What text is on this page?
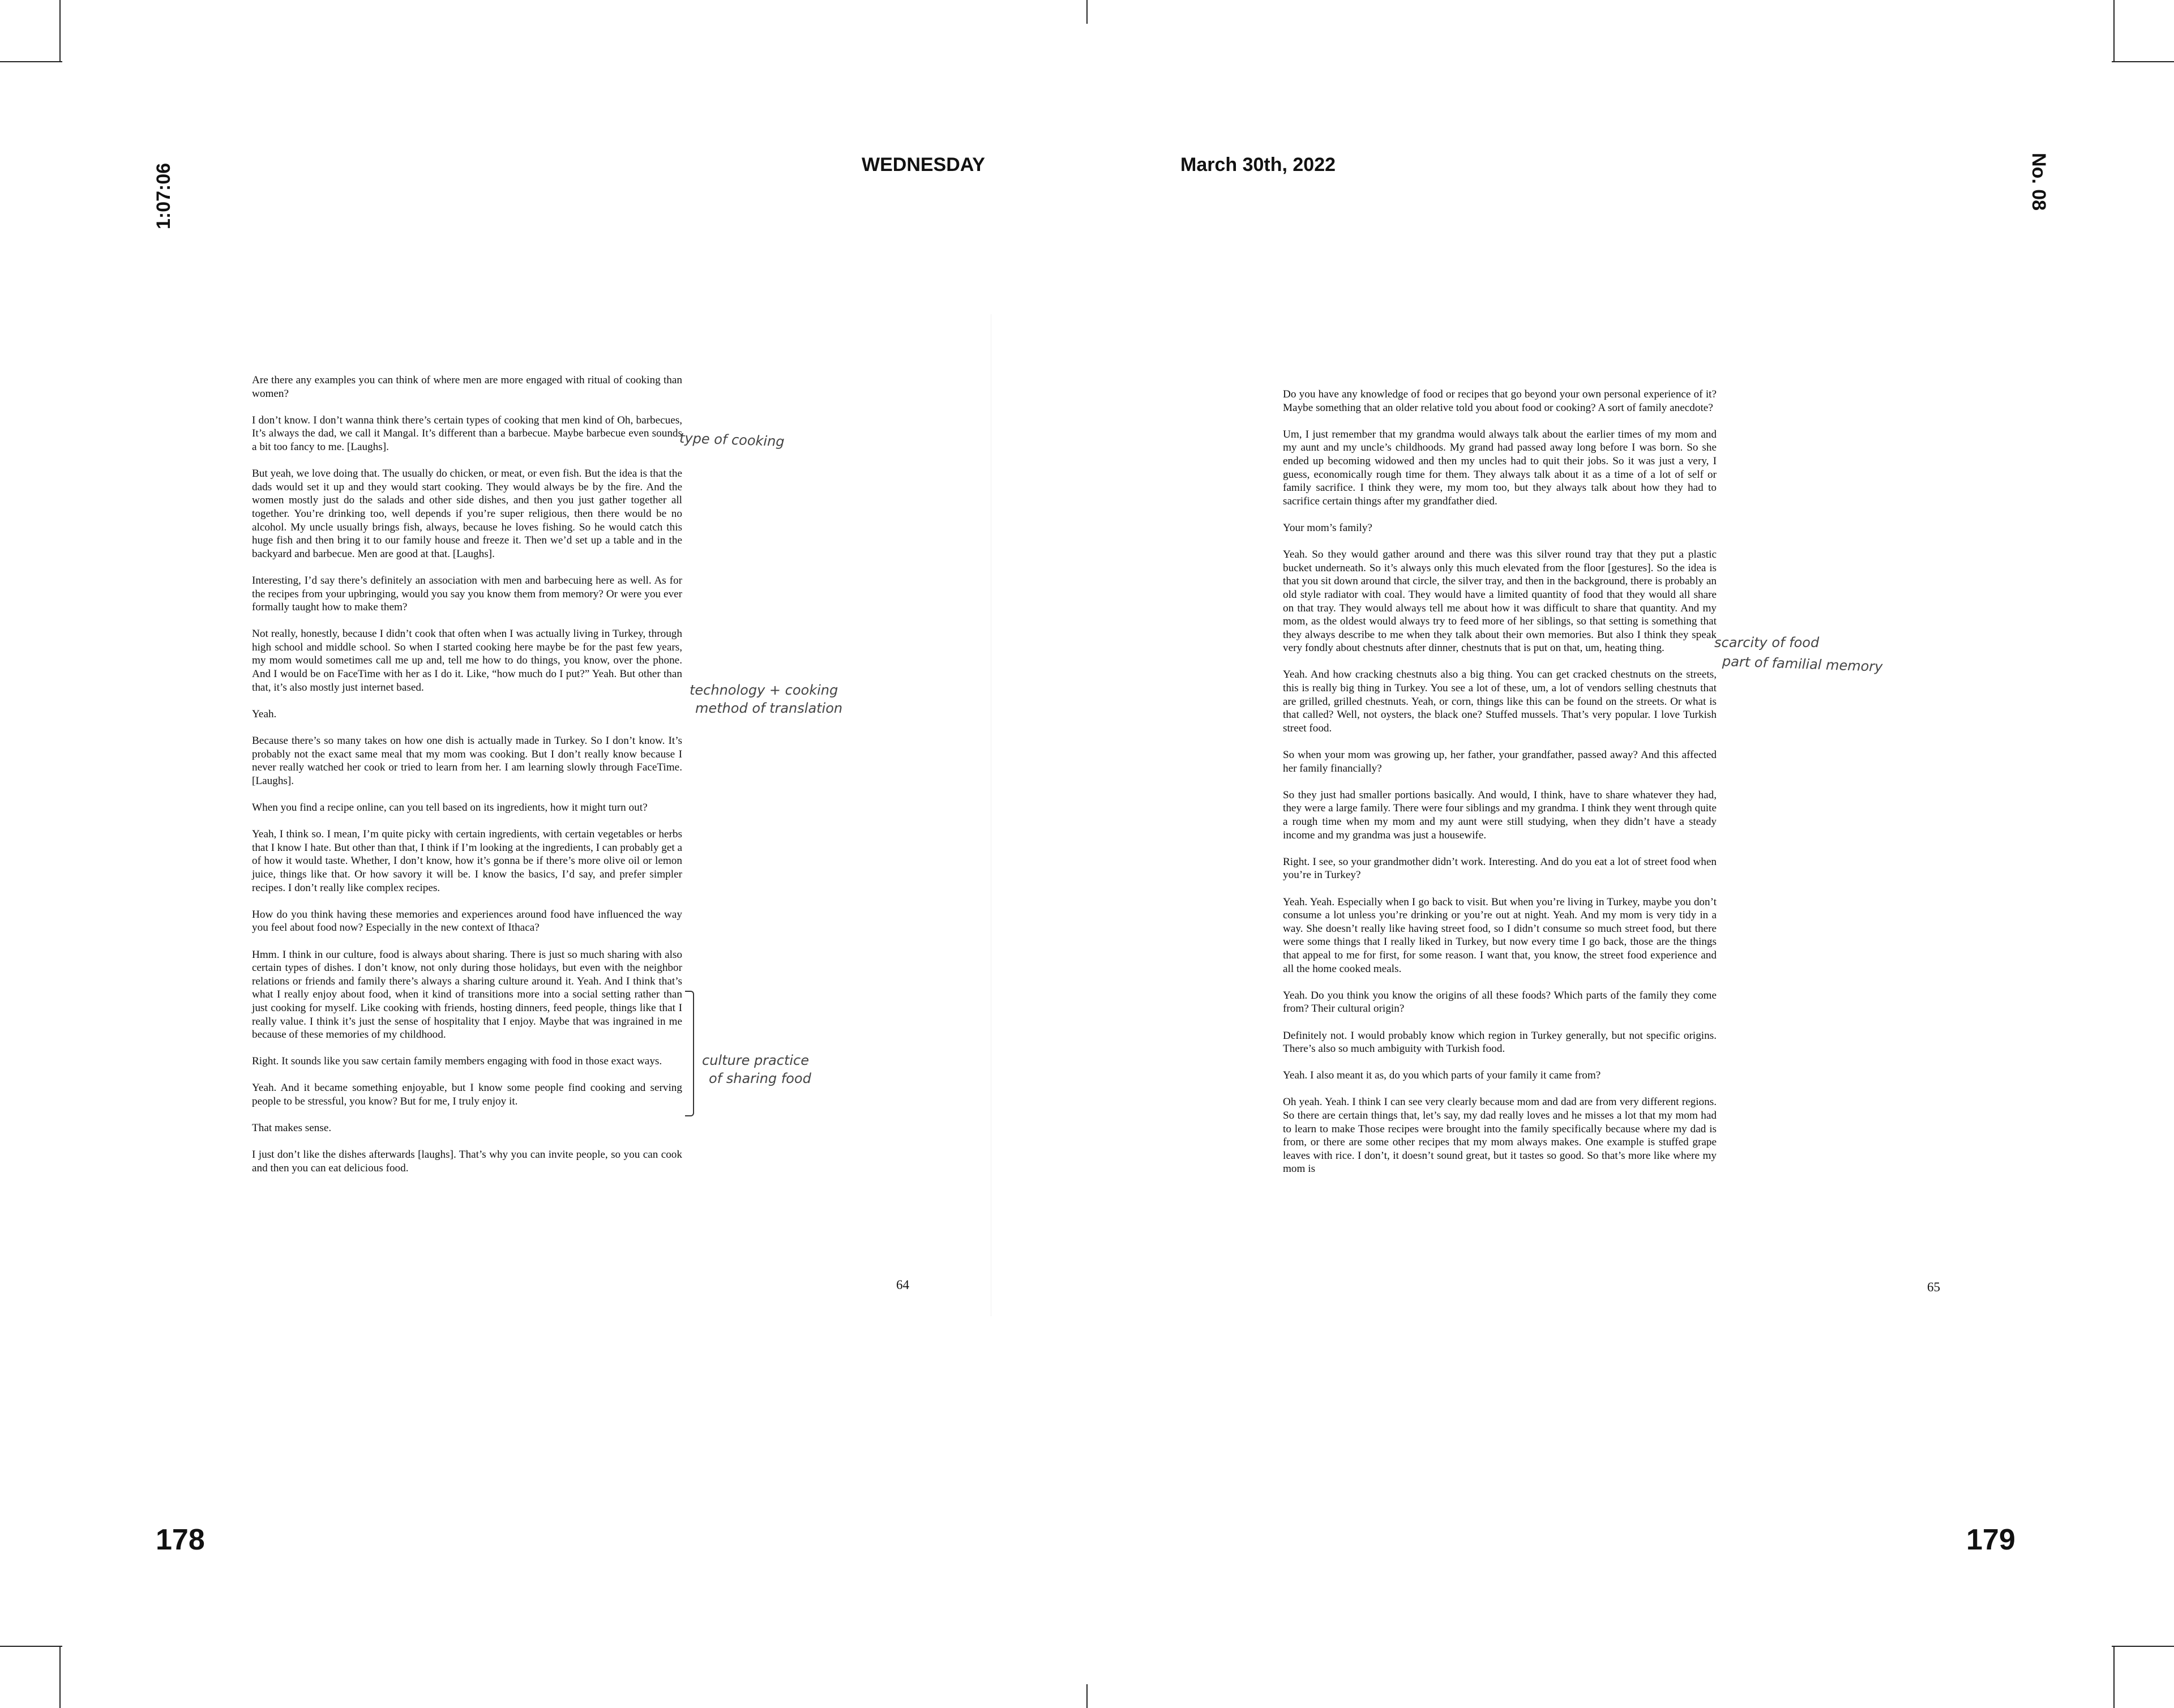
WEDNESDAY	March 30th, 2022
1:07:06	No. 08
178	179

Are there any examples you can think of where men are more engaged with ritual of cooking than women?

I don’t know. I don’t wanna think there’s certain types of cooking that men kind of Oh, barbecues, It’s always the dad, we call it Mangal. It’s different than a barbecue. Maybe barbecue even sounds a bit too fancy to me. [Laughs].

But yeah, we love doing that. The usually do chicken, or meat, or even fish. But the idea is that the dads would set it up and they would start cooking. They would always be by the fire. And the women mostly just do the salads and other side dishes, and then you just gather together all together. You’re drinking too, well depends if you’re super religious, then there would be no alcohol. My uncle usually brings fish, always, because he loves fishing. So he would catch this huge fish and then bring it to our family house and freeze it. Then we’d set up a table and in the backyard and barbecue. Men are good at that. [Laughs].

Interesting, I’d say there’s definitely an association with men and barbecuing here as well. As for the recipes from your upbringing, would you say you know them from memory? Or were you ever formally taught how to make them?

Not really, honestly, because I didn’t cook that often when I was actually living in Turkey, through high school and middle school. So when I started cooking here maybe be for the past few years, my mom would sometimes call me up and, tell me how to do things, you know, over the phone. And I would be on FaceTime with her as I do it. Like, “how much do I put?” Yeah. But other than that, it’s also mostly just internet based.

Yeah.

Because there’s so many takes on how one dish is actually made in Turkey. So I don’t know. It’s probably not the exact same meal that my mom was cooking. But I don’t really know because I never really watched her cook or tried to learn from her. I am learning slowly through FaceTime. [Laughs].

When you find a recipe online, can you tell based on its ingredients, how it might turn out?

Yeah, I think so. I mean, I’m quite picky with certain ingredients, with certain vegetables or herbs that I know I hate. But other than that, I think if I’m looking at the ingredients, I can probably get a of how it would taste. Whether, I don’t know, how it’s gonna be if there’s more olive oil or lemon juice, things like that. Or how savory it will be. I know the basics, I’d say, and prefer simpler recipes. I don’t really like complex recipes.

How do you think having these memories and experiences around food have influenced the way you feel about food now? Especially in the new context of Ithaca?

Hmm. I think in our culture, food is always about sharing. There is just so much sharing with also certain types of dishes. I don’t know, not only during those holidays, but even with the neighbor relations or friends and family there’s always a sharing culture around it. Yeah. And I think that’s what I really enjoy about food, when it kind of transitions more into a social setting rather than just cooking for myself. Like cooking with friends, hosting dinners, feed people, things like that I really value. I think it’s just the sense of hospitality that I enjoy. Maybe that was ingrained in me because of these memories of my childhood.

Right. It sounds like you saw certain family members engaging with food in those exact ways.

Yeah. And it became something enjoyable, but I know some people find cooking and serving people to be stressful, you know? But for me, I truly enjoy it.

That makes sense.

I just don’t like the dishes afterwards [laughs]. That’s why you can invite people, so you can cook and then you can eat delicious food.

64
type of cooking
technology + cooking
method of translation
culture practice
of sharing food

Do you have any knowledge of food or recipes that go beyond your own personal experience of it? Maybe something that an older relative told you about food or cooking? A sort of family anecdote?

Um, I just remember that my grandma would always talk about the earlier times of my mom and my aunt and my uncle’s childhoods. My grand had passed away long before I was born. So she ended up becoming widowed and then my uncles had to quit their jobs. So it was just a very, I guess, economically rough time for them. They always talk about it as a time of a lot of self or family sacrifice. I think they were, my mom too, but they always talk about how they had to sacrifice certain things after my grandfather died.

Your mom’s family?

Yeah. So they would gather around and there was this silver round tray that they put a plastic bucket underneath. So it’s always only this much elevated from the floor [gestures]. So the idea is that you sit down around that circle, the silver tray, and then in the background, there is probably an old style radiator with coal. They would have a limited quantity of food that they would all share on that tray. They would always tell me about how it was difficult to share that quantity. And my mom, as the oldest would always try to feed more of her siblings, so that setting is something that they always describe to me when they talk about their own memories. But also I think they speak very fondly about chestnuts after dinner, chestnuts that is put on that, um, heating thing.

Yeah. And how cracking chestnuts also a big thing. You can get cracked chestnuts on the streets, this is really big thing in Turkey. You see a lot of these, um, a lot of vendors selling chestnuts that are grilled, grilled chestnuts. Yeah, or corn, things like this can be found on the streets. Or what is that called? Well, not oysters, the black one? Stuffed mussels. That’s very popular. I love Turkish street food.

So when your mom was growing up, her father, your grandfather, passed away? And this affected her family financially?

So they just had smaller portions basically. And would, I think, have to share whatever they had, they were a large family. There were four siblings and my grandma. I think they went through quite a rough time when my mom and my aunt were still studying, when they didn’t have a steady income and my grandma was just a housewife.

Right. I see, so your grandmother didn’t work. Interesting. And do you eat a lot of street food when you’re in Turkey?

Yeah. Yeah. Especially when I go back to visit. But when you’re living in Turkey, maybe you don’t consume a lot unless you’re drinking or you’re out at night. Yeah. And my mom is very tidy in a way. She doesn’t really like having street food, so I didn’t consume so much street food, but there were some things that I really liked in Turkey, but now every time I go back, those are the things that appeal to me for first, for some reason. I want that, you know, the street food experience and all the home cooked meals.

Yeah. Do you think you know the origins of all these foods? Which parts of the family they come from? Their cultural origin?

Definitely not. I would probably know which region in Turkey generally, but not specific origins. There’s also so much ambiguity with Turkish food.

Yeah. I also meant it as, do you which parts of your family it came from?

Oh yeah. Yeah. I think I can see very clearly because mom and dad are from very different regions. So there are certain things that, let’s say, my dad really loves and he misses a lot that my mom had to learn to make Those recipes were brought into the family specifically because where my dad is from, or there are some other recipes that my mom always makes. One example is stuffed grape leaves with rice. I don’t, it doesn’t sound great, but it tastes so good. So that’s more like where my mom is

65
scarcity of food
part of familial memory
